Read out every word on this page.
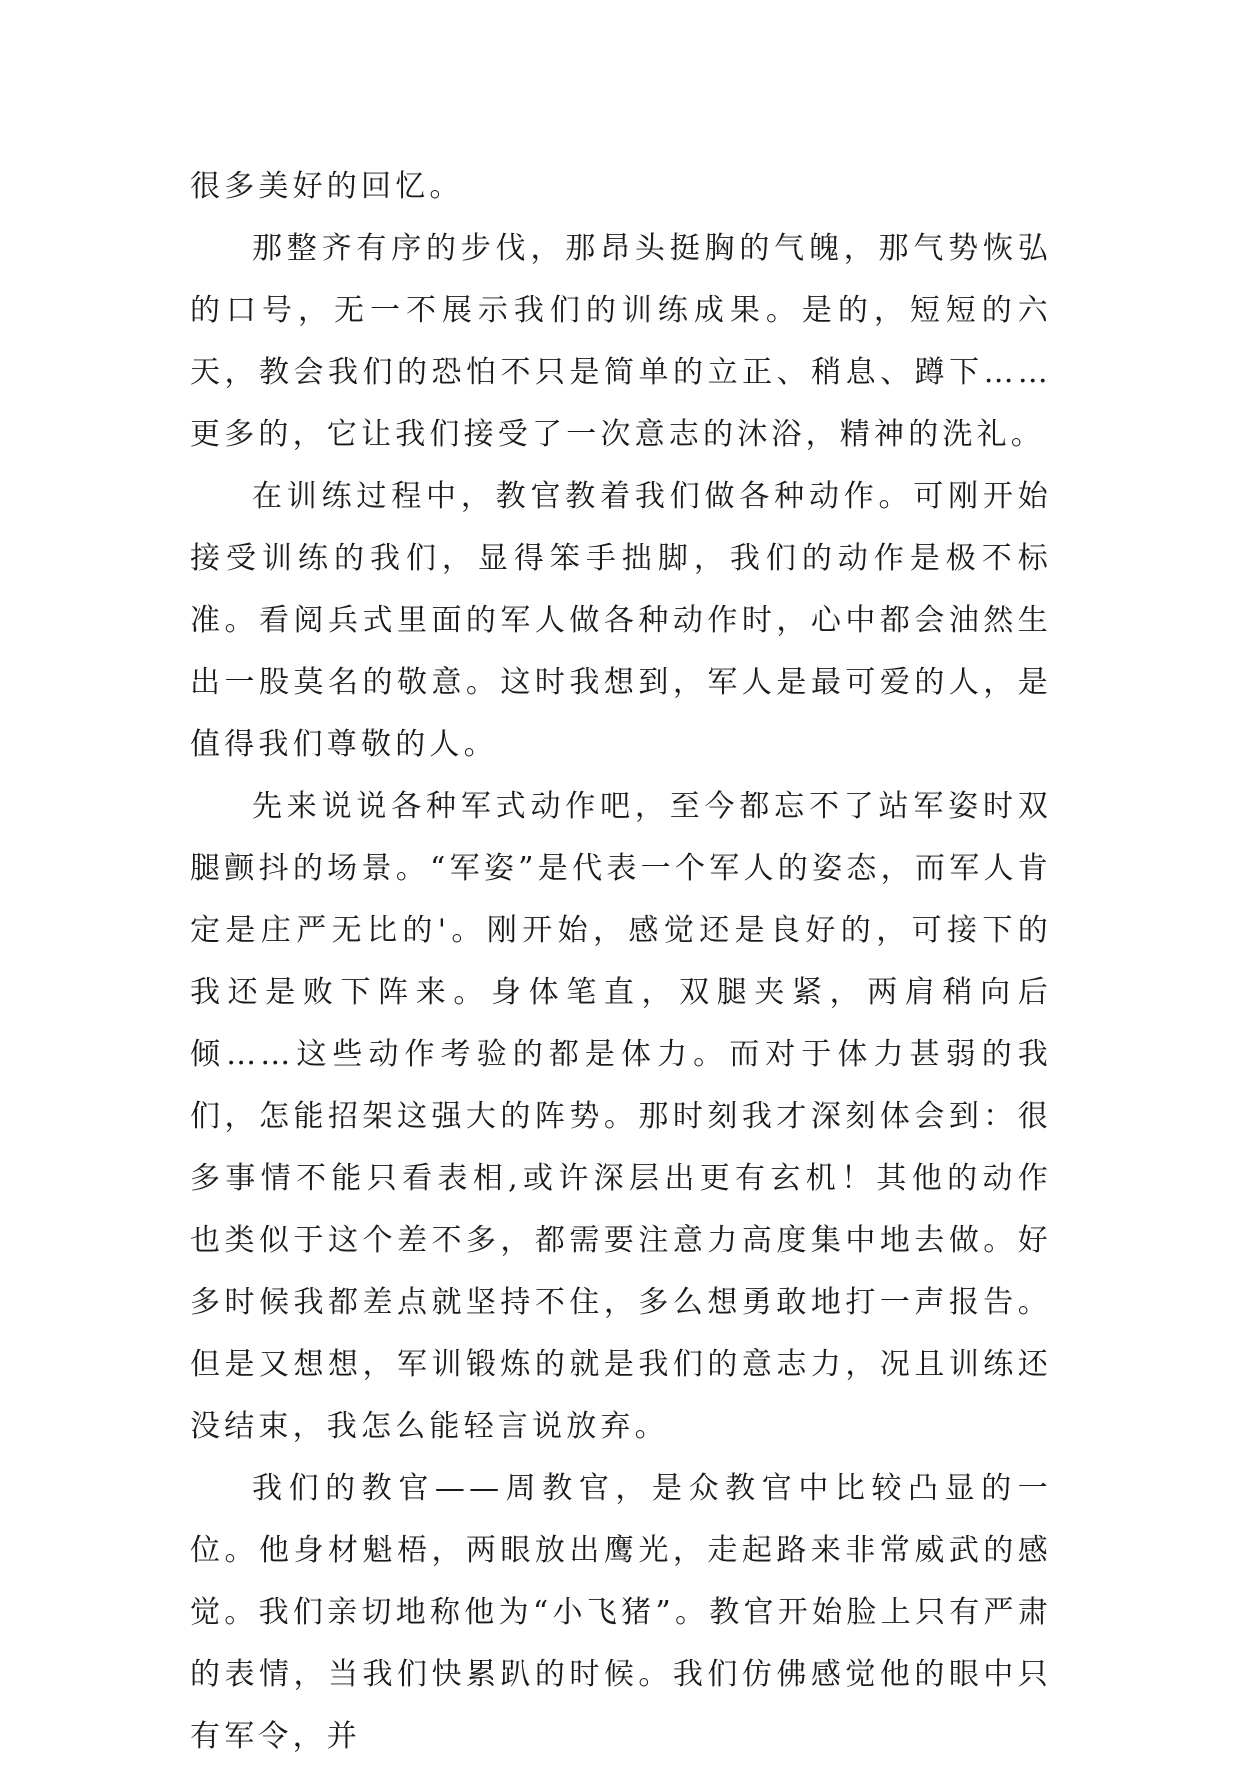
很多美好的回忆。

那整齐有序的步伐，那昂头挺胸的气魄，那气势恢弘的口号，无一不展示我们的训练成果。是的，短短的六天，教会我们的恐怕不只是简单的立正、稍息、蹲下……更多的，它让我们接受了一次意志的沐浴，精神的洗礼。

在训练过程中，教官教着我们做各种动作。可刚开始接受训练的我们，显得笨手拙脚，我们的动作是极不标准。看阅兵式里面的军人做各种动作时，心中都会油然生出一股莫名的敬意。这时我想到，军人是最可爱的人，是值得我们尊敬的人。

先来说说各种军式动作吧，至今都忘不了站军姿时双腿颤抖的场景。“军姿”是代表一个军人的姿态，而军人肯定是庄严无比的'。刚开始，感觉还是良好的，可接下的我还是败下阵来。身体笔直，双腿夹紧，两肩稍向后倾……这些动作考验的都是体力。而对于体力甚弱的我们，怎能招架这强大的阵势。那时刻我才深刻体会到：很多事情不能只看表相,或许深层出更有玄机！其他的动作也类似于这个差不多，都需要注意力高度集中地去做。好多时候我都差点就坚持不住，多么想勇敢地打一声报告。但是又想想，军训锻炼的就是我们的意志力，况且训练还没结束，我怎么能轻言说放弃。

我们的教官——周教官，是众教官中比较凸显的一位。他身材魁梧，两眼放出鹰光，走起路来非常威武的感觉。我们亲切地称他为“小飞猪”。教官开始脸上只有严肃的表情，当我们快累趴的时候。我们仿佛感觉他的眼中只有军令，并
